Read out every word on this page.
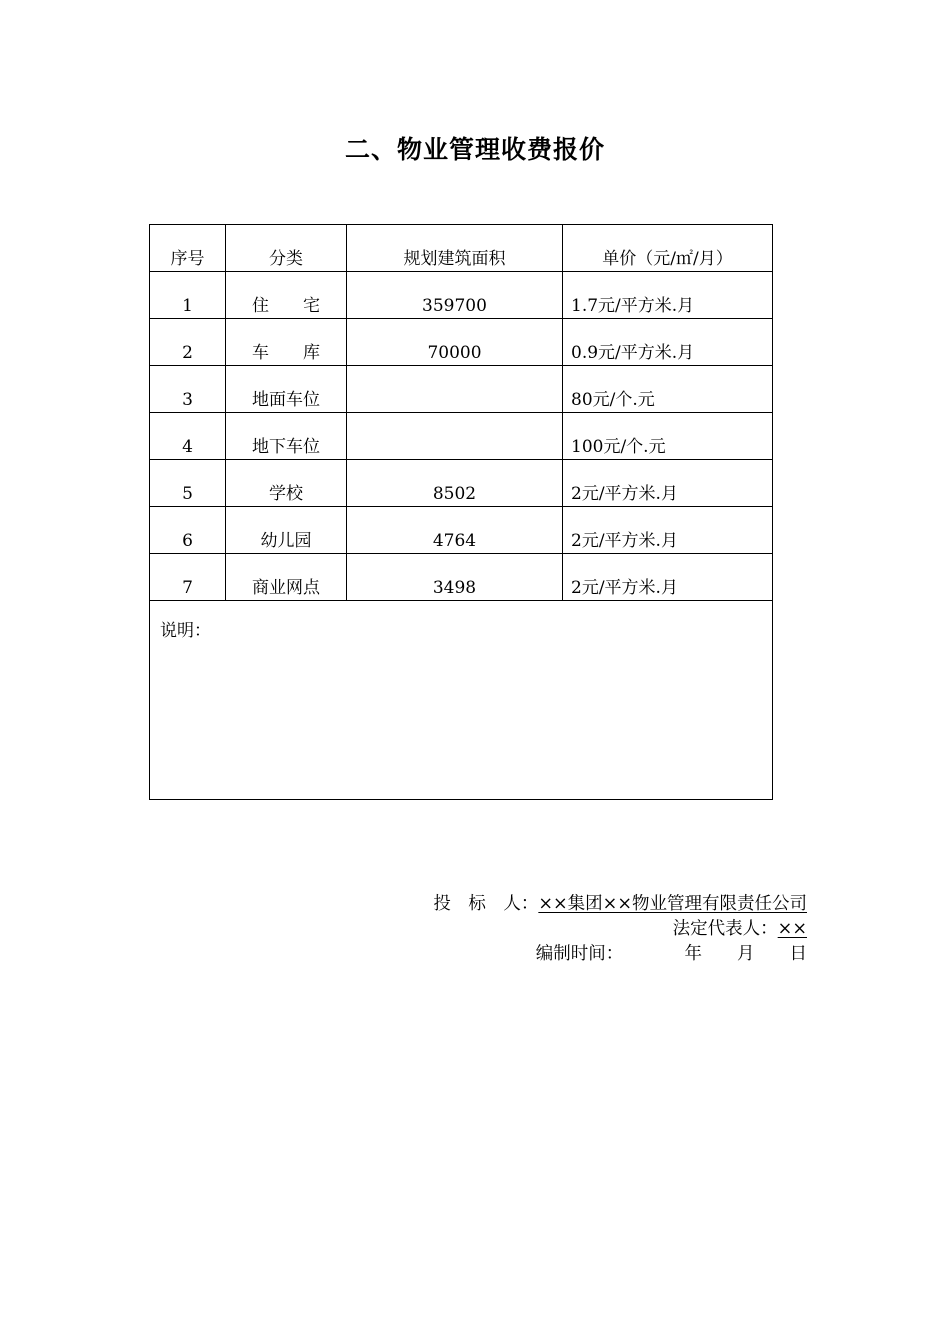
二、物业管理收费报价
序号	分类	规划建筑面积	单价（元/㎡/月）
1	住　　宅	359700	1.7元/平方米.月
2	车　　库	70000	0.9元/平方米.月
3	地面车位		80元/个.元
4	地下车位		100元/个.元
5	学校	8502	2元/平方米.月
6	幼儿园	4764	2元/平方米.月
7	商业网点	3498	2元/平方米.月
说明：			
投　标　人：××集团××物业管理有限责任公司
法定代表人：××
编制时间：　　　　年　　月　　日
